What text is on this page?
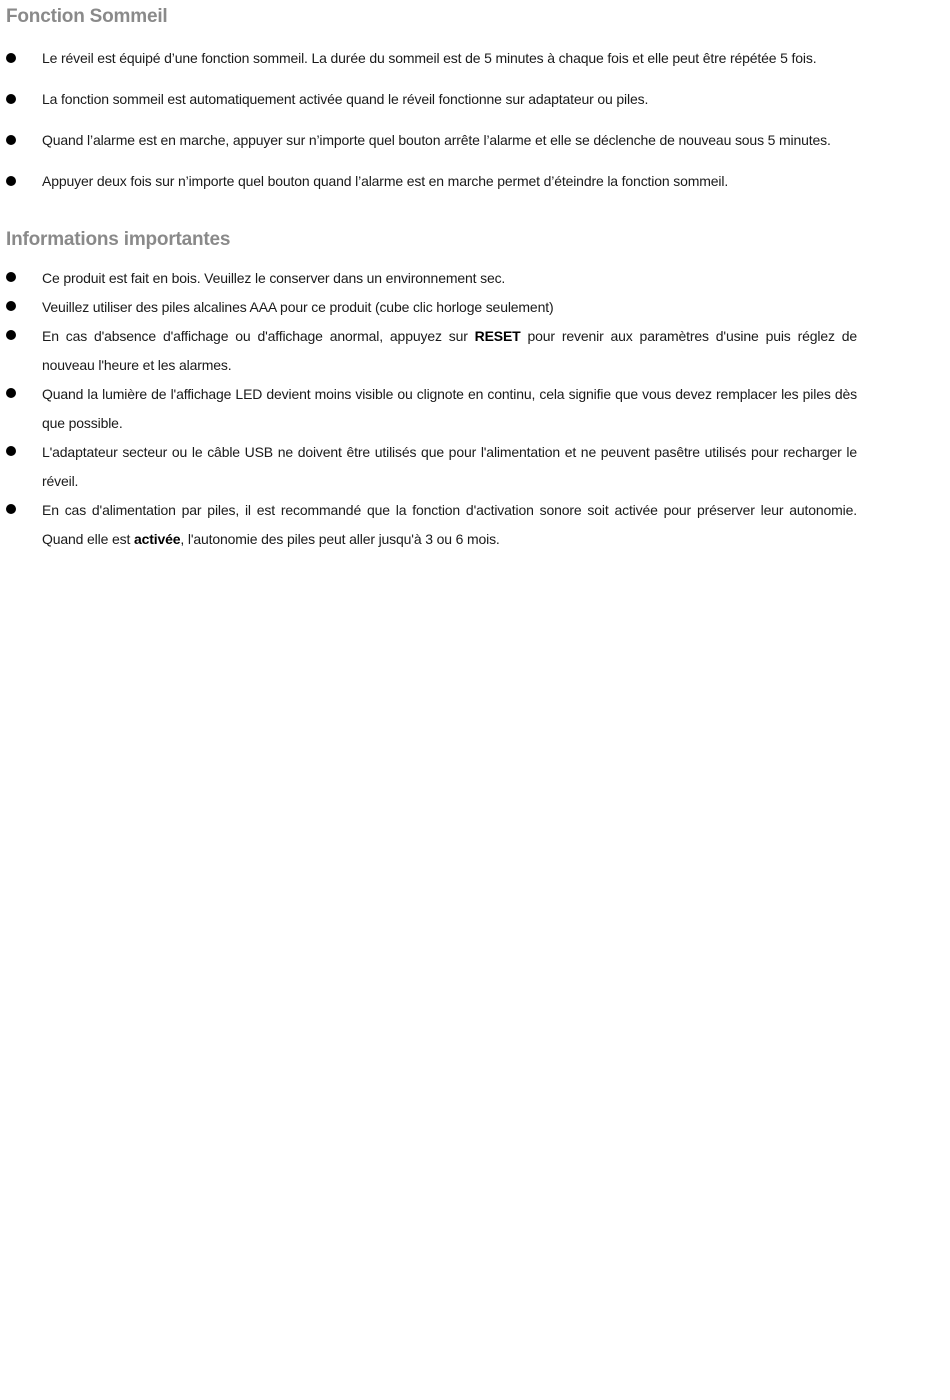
Fonction Sommeil
Le réveil est équipé d’une fonction sommeil. La durée du sommeil est de 5 minutes à chaque fois et elle peut être répétée 5 fois.
La fonction sommeil est automatiquement activée quand le réveil fonctionne sur adaptateur ou piles.
Quand l’alarme est en marche, appuyer sur n’importe quel bouton arrête l’alarme et elle se déclenche de nouveau sous 5 minutes.
Appuyer deux fois sur n’importe quel bouton quand l’alarme est en marche permet d’éteindre la fonction sommeil.
Informations importantes
Ce produit est fait en bois. Veuillez le conserver dans un environnement sec.
Veuillez utiliser des piles alcalines AAA pour ce produit (cube clic horloge seulement)
En cas d'absence d'affichage ou d'affichage anormal, appuyez sur RESET pour revenir aux paramètres d'usine puis réglez de nouveau l'heure et les alarmes.
Quand la lumière de l'affichage LED devient moins visible ou clignote en continu, cela signifie que vous devez remplacer les piles dès que possible.
L'adaptateur secteur ou le câble USB ne doivent être utilisés que pour l'alimentation et ne peuvent pasêtre utilisés pour recharger le réveil.
En cas d'alimentation par piles, il est recommandé que la fonction d'activation sonore soit activée pour préserver leur autonomie. Quand elle est activée, l'autonomie des piles peut aller jusqu'à 3 ou 6 mois.
